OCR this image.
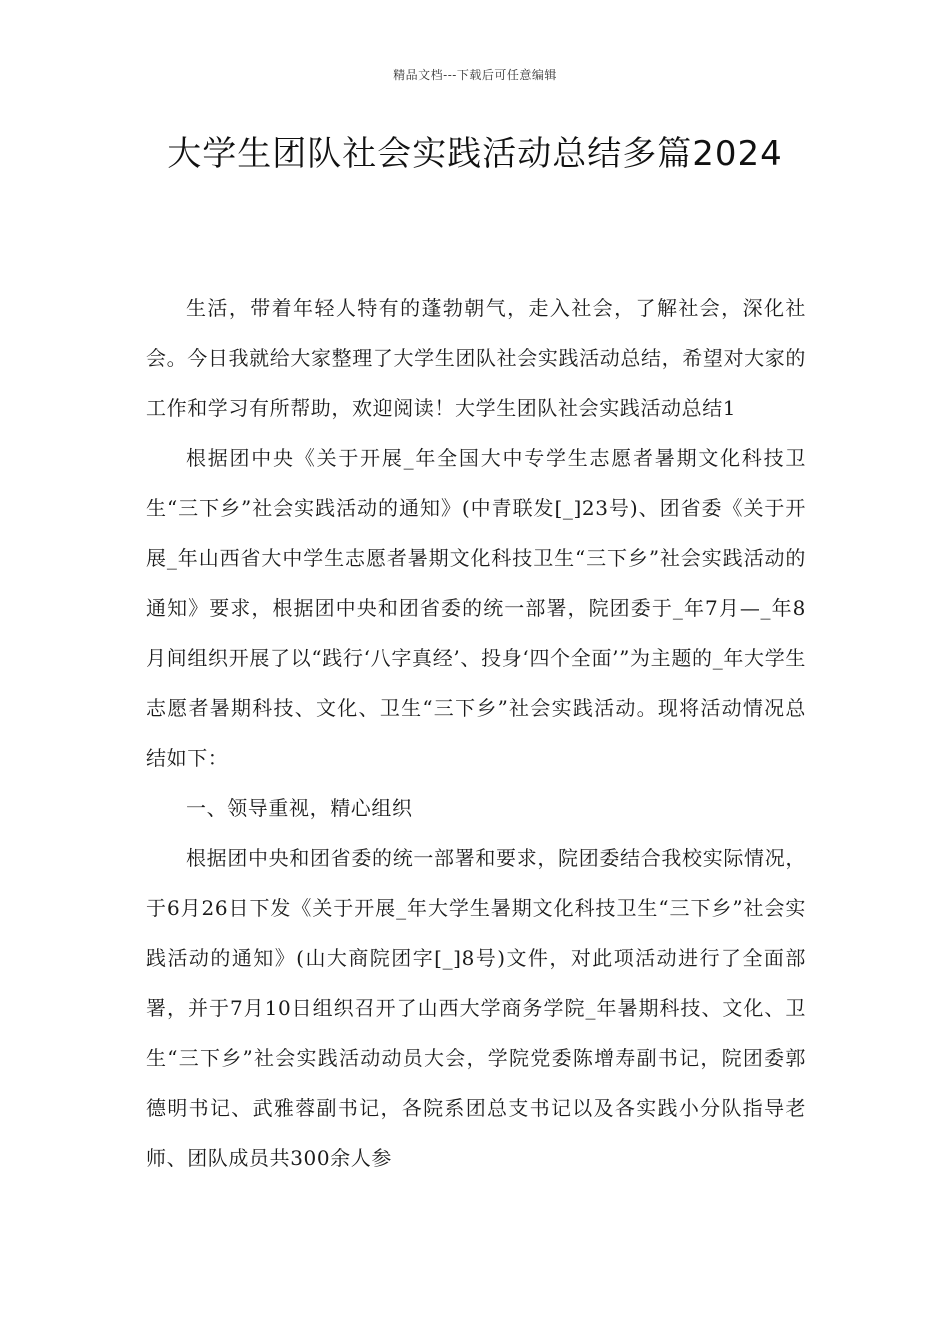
精品文档---下载后可任意编辑
大学生团队社会实践活动总结多篇2024

生活，带着年轻人特有的蓬勃朝气，走入社会，了解社会，深化社会。今日我就给大家整理了大学生团队社会实践活动总结，希望对大家的工作和学习有所帮助，欢迎阅读！大学生团队社会实践活动总结1

根据团中央《关于开展_年全国大中专学生志愿者暑期文化科技卫生“三下乡”社会实践活动的通知》(中青联发[_]23号)、团省委《关于开展_年山西省大中学生志愿者暑期文化科技卫生“三下乡”社会实践活动的通知》要求，根据团中央和团省委的统一部署，院团委于_年7月—_年8月间组织开展了以“践行‘八字真经’、投身‘四个全面’”为主题的_年大学生志愿者暑期科技、文化、卫生“三下乡”社会实践活动。现将活动情况总结如下：

一、领导重视，精心组织

根据团中央和团省委的统一部署和要求，院团委结合我校实际情况，于6月26日下发《关于开展_年大学生暑期文化科技卫生“三下乡”社会实践活动的通知》(山大商院团字[_]8号)文件，对此项活动进行了全面部署，并于7月10日组织召开了山西大学商务学院_年暑期科技、文化、卫生“三下乡”社会实践活动动员大会，学院党委陈增寿副书记，院团委郭德明书记、武雅蓉副书记，各院系团总支书记以及各实践小分队指导老师、团队成员共300余人参
